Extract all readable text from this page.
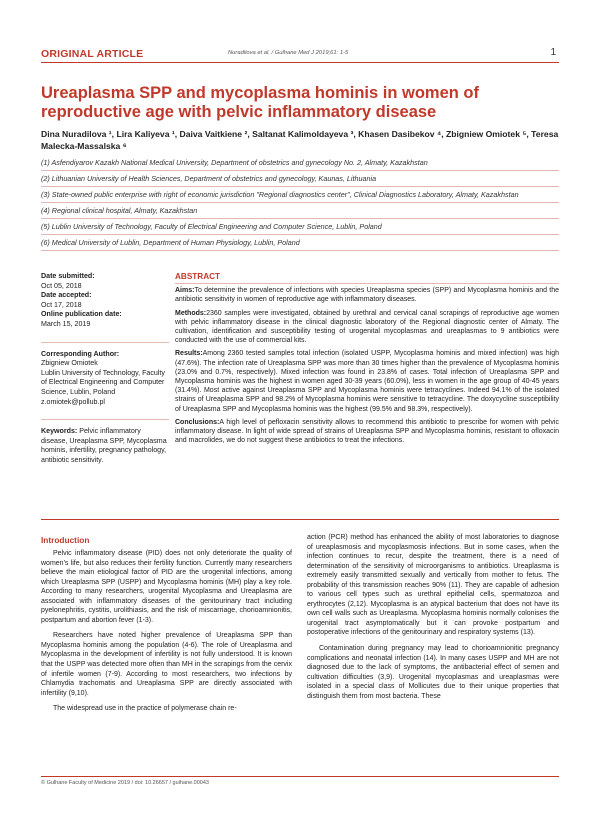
ORIGINAL ARTICLE	Nuradilova et al. / Gulhane Med J 2019;61: 1-5	1
Ureaplasma SPP and mycoplasma hominis in women of reproductive age with pelvic inflammatory disease
Dina Nuradilova ¹, Lira Kaliyeva ¹, Daiva Vaitkiene ², Saltanat Kalimoldayeva ³, Khasen Dasibekov ⁴, Zbigniew Omiotek ⁵, Teresa Malecka-Massalska ⁶
(1) Asfendiyarov Kazakh National Medical University, Department of obstetrics and gynecology No. 2, Almaty, Kazakhstan
(2) Lithuanian University of Health Sciences, Department of obstetrics and gynecology, Kaunas, Lithuania
(3) State-owned public enterprise with right of economic jurisdiction "Regional diagnostics center", Clinical Diagnostics Laboratory, Almaty, Kazakhstan
(4) Regional clinical hospital, Almaty, Kazakhstan
(5) Lublin University of Technology, Faculty of Electrical Engineering and Computer Science, Lublin, Poland
(6) Medical University of Lublin, Department of Human Physiology, Lublin, Poland
Date submitted:
Oct 05, 2018
Date accepted:
Oct 17, 2018
Online publication date:
March 15, 2019
Corresponding Author:
Zbigniew Omiotek
Lublin University of Technology, Faculty of Electrical Engineering and Computer Science, Lublin, Poland
z.omiotek@pollub.pl
Keywords: Pelvic inflammatory disease, Ureaplasma SPP, Mycoplasma hominis, infertility, pregnancy pathology, antibiotic sensitivity.
ABSTRACT
Aims:To determine the prevalence of infections with species Ureaplasma species (SPP) and Mycoplasma hominis and the antibiotic sensitivity in women of reproductive age with inflammatory diseases.
Methods:2360 samples were investigated, obtained by urethral and cervical canal scrapings of reproductive age women with pelvic inflammatory disease in the clinical diagnostic laboratory of the Regional diagnostic center of Almaty. The cultivation, identification and susceptibility testing of urogenital mycoplasmas and ureaplasmas to 9 antibiotics were conducted with the use of commercial kits.
Results:Among 2360 tested samples total infection (isolated USPP, Mycoplasma hominis and mixed infection) was high (47.6%). The infection rate of Ureaplasma SPP was more than 30 times higher than the prevalence of Mycoplasma hominis (23.0% and 0.7%, respectively). Mixed infection was found in 23.8% of cases. Total infection of Ureaplasma SPP and Mycoplasma hominis was the highest in women aged 30-39 years (60.0%), less in women in the age group of 40-45 years (31.4%). Most active against Ureaplasma SPP and Mycoplasma hominis were tetracyclines. Indeed 94.1% of the isolated strains of Ureaplasma SPP and 98.2% of Mycoplasma hominis were sensitive to tetracycline. The doxycycline susceptibility of Ureaplasma SPP and Mycoplasma hominis was the highest (99.5% and 98.3%, respectively).
Conclusions:A high level of pefloxacin sensitivity allows to recommend this antibiotic to prescribe for women with pelvic inflammatory disease. In light of wide spread of strains of Ureaplasma SPP and Mycoplasma hominis, resistant to ofloxacin and macrolides, we do not suggest these antibiotics to treat the infections.
Introduction

Pelvic inflammatory disease (PID) does not only deteriorate the quality of women's life, but also reduces their fertility function. Currently many researchers believe the main etiological factor of PID are the urogenital infections, among which Ureaplasma SPP (USPP) and Mycoplasma hominis (MH) play a key role. According to many researchers, urogenital Mycoplasma and Ureaplasma are associated with inflammatory diseases of the genitourinary tract including pyelonephritis, cystitis, urolithiasis, and the risk of miscarriage, chorioamnionitis, postpartum and abortion fever (1-3).

Researchers have noted higher prevalence of Ureaplasma SPP than Mycoplasma hominis among the population (4-6). The role of Ureaplasma and Mycoplasma in the development of infertility is not fully understood. It is known that the USPP was detected more often than MH in the scrapings from the cervix of infertile women (7-9). According to most researchers, two infections by Chlamydia trachomatis and Ureaplasma SPP are directly associated with infertility (9,10).

The widespread use in the practice of polymerase chain re-

action (PCR) method has enhanced the ability of most laboratories to diagnose of ureaplasmosis and mycoplasmosis infections. But in some cases, when the infection continues to recur, despite the treatment, there is a need of determination of the sensitivity of microorganisms to antibiotics. Ureaplasma is extremely easily transmitted sexually and vertically from mother to fetus. The probability of this transmission reaches 90% (11). They are capable of adhesion to various cell types such as urethral epithelial cells, spermatozoa and erythrocytes (2,12). Mycoplasma is an atypical bacterium that does not have its own cell walls such as Ureaplasma. Mycoplasma hominis normally colonises the urogenital tract asymptomatically but it can provoke postpartum and postoperative infections of the genitourinary and respiratory systems (13).

Contamination during pregnancy may lead to chorioamnionitic pregnancy complications and neonatal infection (14). In many cases USPP and MH are not diagnosed due to the lack of symptoms, the antibacterial effect of semen and cultivation difficulties (3,9). Urogenital mycoplasmas and ureaplasmas were isolated in a special class of Mollicutes due to their unique properties that distinguish them from most bacteria. These

© Gulhane Faculty of Medicine 2019 / doi: 10.26657 / gulhane.00043
